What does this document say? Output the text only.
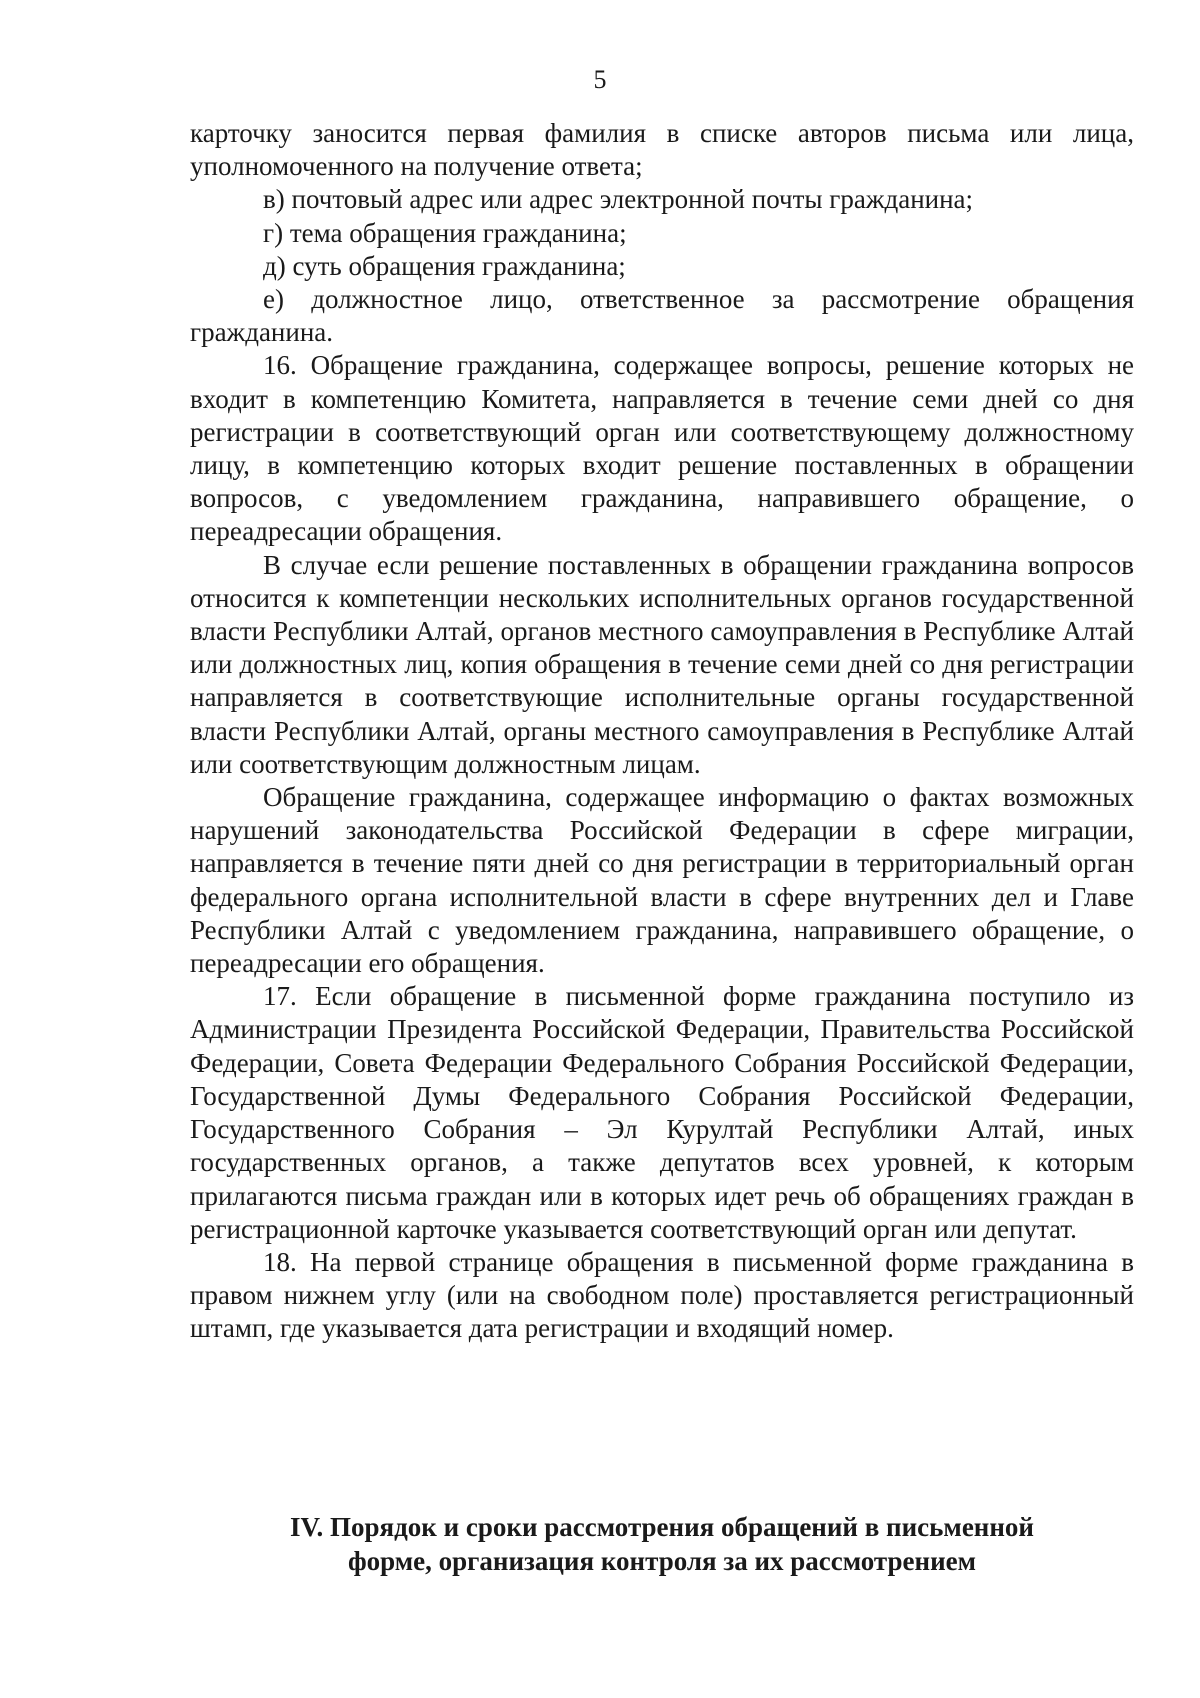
5

карточку заносится первая фамилия в списке авторов письма или лица, уполномоченного на получение ответа;

в) почтовый адрес или адрес электронной почты гражданина;

г) тема обращения гражданина;

д) суть обращения гражданина;

е) должностное лицо, ответственное за рассмотрение обращения гражданина.

16. Обращение гражданина, содержащее вопросы, решение которых не входит в компетенцию Комитета, направляется в течение семи дней со дня регистрации в соответствующий орган или соответствующему должностному лицу, в компетенцию которых входит решение поставленных в обращении вопросов, с уведомлением гражданина, направившего обращение, о переадресации обращения.

В случае если решение поставленных в обращении гражданина вопросов относится к компетенции нескольких исполнительных органов государственной власти Республики Алтай, органов местного самоуправления в Республике Алтай или должностных лиц, копия обращения в течение семи дней со дня регистрации направляется в соответствующие исполнительные органы государственной власти Республики Алтай, органы местного самоуправления в Республике Алтай или соответствующим должностным лицам.

Обращение гражданина, содержащее информацию о фактах возможных нарушений законодательства Российской Федерации в сфере миграции, направляется в течение пяти дней со дня регистрации в территориальный орган федерального органа исполнительной власти в сфере внутренних дел и Главе Республики Алтай с уведомлением гражданина, направившего обращение, о переадресации его обращения.

17. Если обращение в письменной форме гражданина поступило из Администрации Президента Российской Федерации, Правительства Российской Федерации, Совета Федерации Федерального Собрания Российской Федерации, Государственной Думы Федерального Собрания Российской Федерации, Государственного Собрания – Эл Курултай Республики Алтай, иных государственных органов, а также депутатов всех уровней, к которым прилагаются письма граждан или в которых идет речь об обращениях граждан в регистрационной карточке указывается соответствующий орган или депутат.

18. На первой странице обращения в письменной форме гражданина в правом нижнем углу (или на свободном поле) проставляется регистрационный штамп, где указывается дата регистрации и входящий номер.

IV. Порядок и сроки рассмотрения обращений в письменной
форме, организация контроля за их рассмотрением
